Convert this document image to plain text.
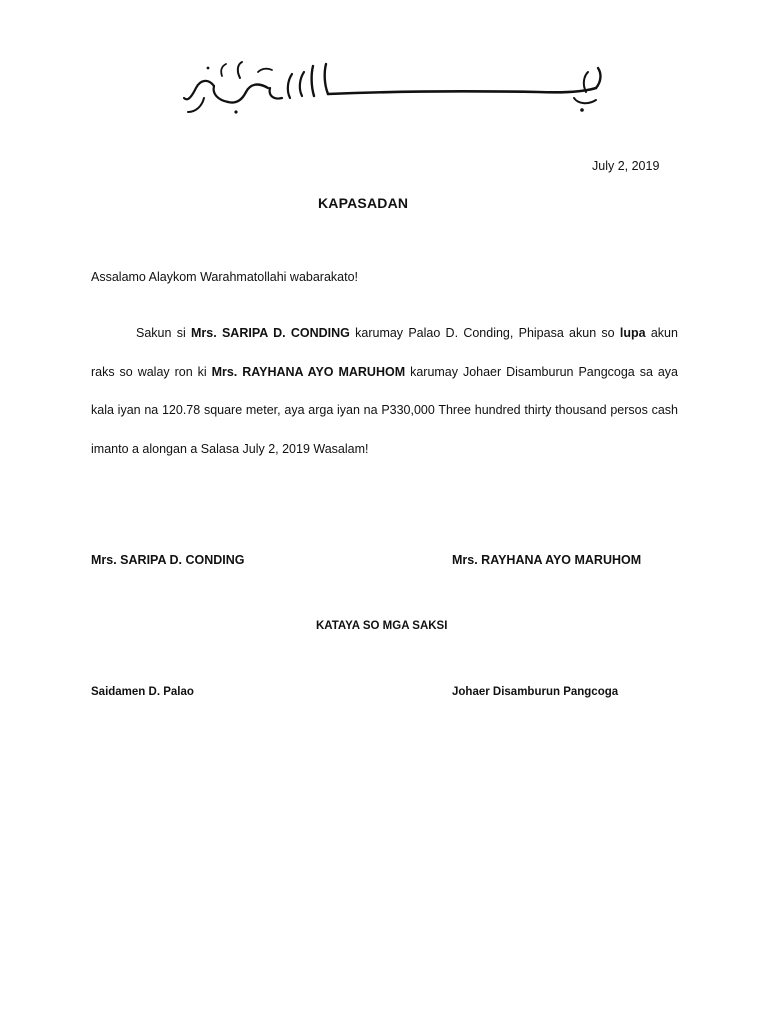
July 2, 2019
KAPASADAN
Assalamo Alaykom Warahmatollahi wabarakato!

Sakun si Mrs. SARIPA D. CONDING karumay Palao D. Conding, Phipasa akun so lupa akun raks so walay ron ki Mrs. RAYHANA AYO MARUHOM karumay Johaer Disamburun Pangcoga sa aya kala iyan na 120.78 square meter, aya arga iyan na P330,000 Three hundred thirty thousand persos cash imanto a alongan a Salasa July 2, 2019 Wasalam!

Mrs. SARIPA D. CONDING	Mrs. RAYHANA AYO MARUHOM
KATAYA SO MGA SAKSI
Saidamen D. Palao	Johaer Disamburun Pangcoga
